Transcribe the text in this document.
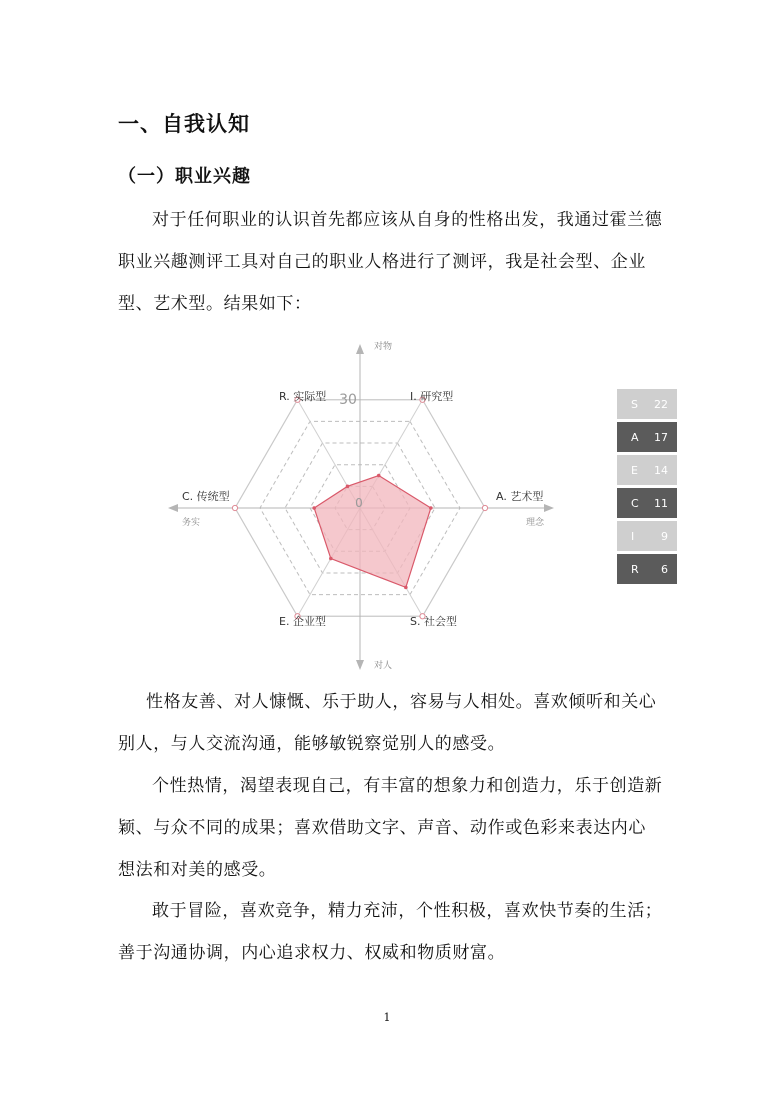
一、自我认知
（一）职业兴趣

对于任何职业的认识首先都应该从自身的性格出发，我通过霍兰德职业兴趣测评工具对自己的职业人格进行了测评，我是社会型、企业型、艺术型。结果如下：

30
0
I. 研究型
A. 艺术型
S. 社会型
E. 企业型
C. 传统型
R. 实际型
对物
对人
务实	理念
S 22
A 17
E 14
C 11
I 9
R 6

性格友善、对人慷慨、乐于助人，容易与人相处。喜欢倾听和关心别人，与人交流沟通，能够敏锐察觉别人的感受。

个性热情，渴望表现自己，有丰富的想象力和创造力，乐于创造新颖、与众不同的成果；喜欢借助文字、声音、动作或色彩来表达内心想法和对美的感受。

敢于冒险，喜欢竞争，精力充沛，个性积极，喜欢快节奏的生活；善于沟通协调，内心追求权力、权威和物质财富。

1
